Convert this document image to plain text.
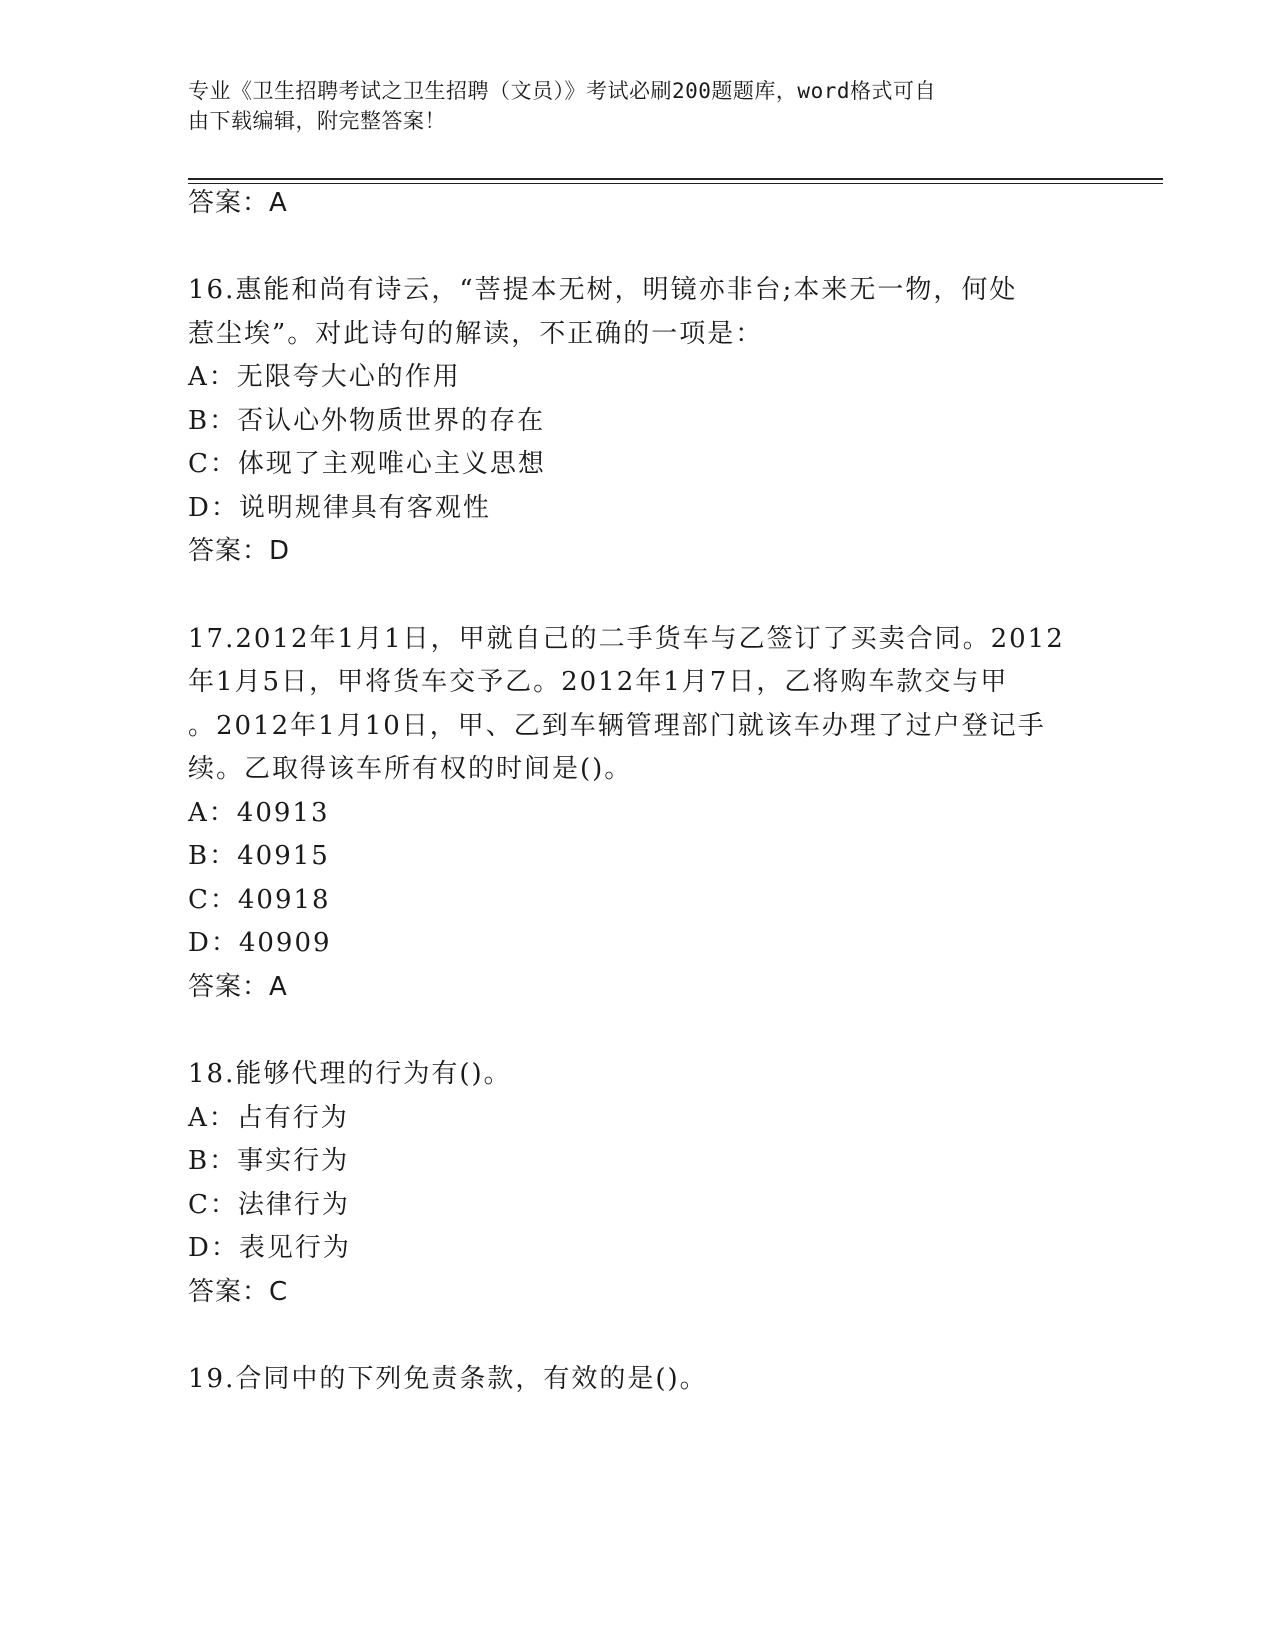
专业《卫生招聘考试之卫生招聘（文员）》考试必刷200题题库，word格式可自
由下载编辑，附完整答案！
答案：A
16.惠能和尚有诗云，“菩提本无树，明镜亦非台;本来无一物，何处
惹尘埃”。对此诗句的解读，不正确的一项是：
A：无限夸大心的作用
B：否认心外物质世界的存在
C：体现了主观唯心主义思想
D：说明规律具有客观性
答案：D
17.2012年1月1日，甲就自己的二手货车与乙签订了买卖合同。2012
年1月5日，甲将货车交予乙。2012年1月7日，乙将购车款交与甲
。2012年1月10日，甲、乙到车辆管理部门就该车办理了过户登记手
续。乙取得该车所有权的时间是()。
A：40913
B：40915
C：40918
D：40909
答案：A
18.能够代理的行为有()。
A：占有行为
B：事实行为
C：法律行为
D：表见行为
答案：C
19.合同中的下列免责条款，有效的是()。
